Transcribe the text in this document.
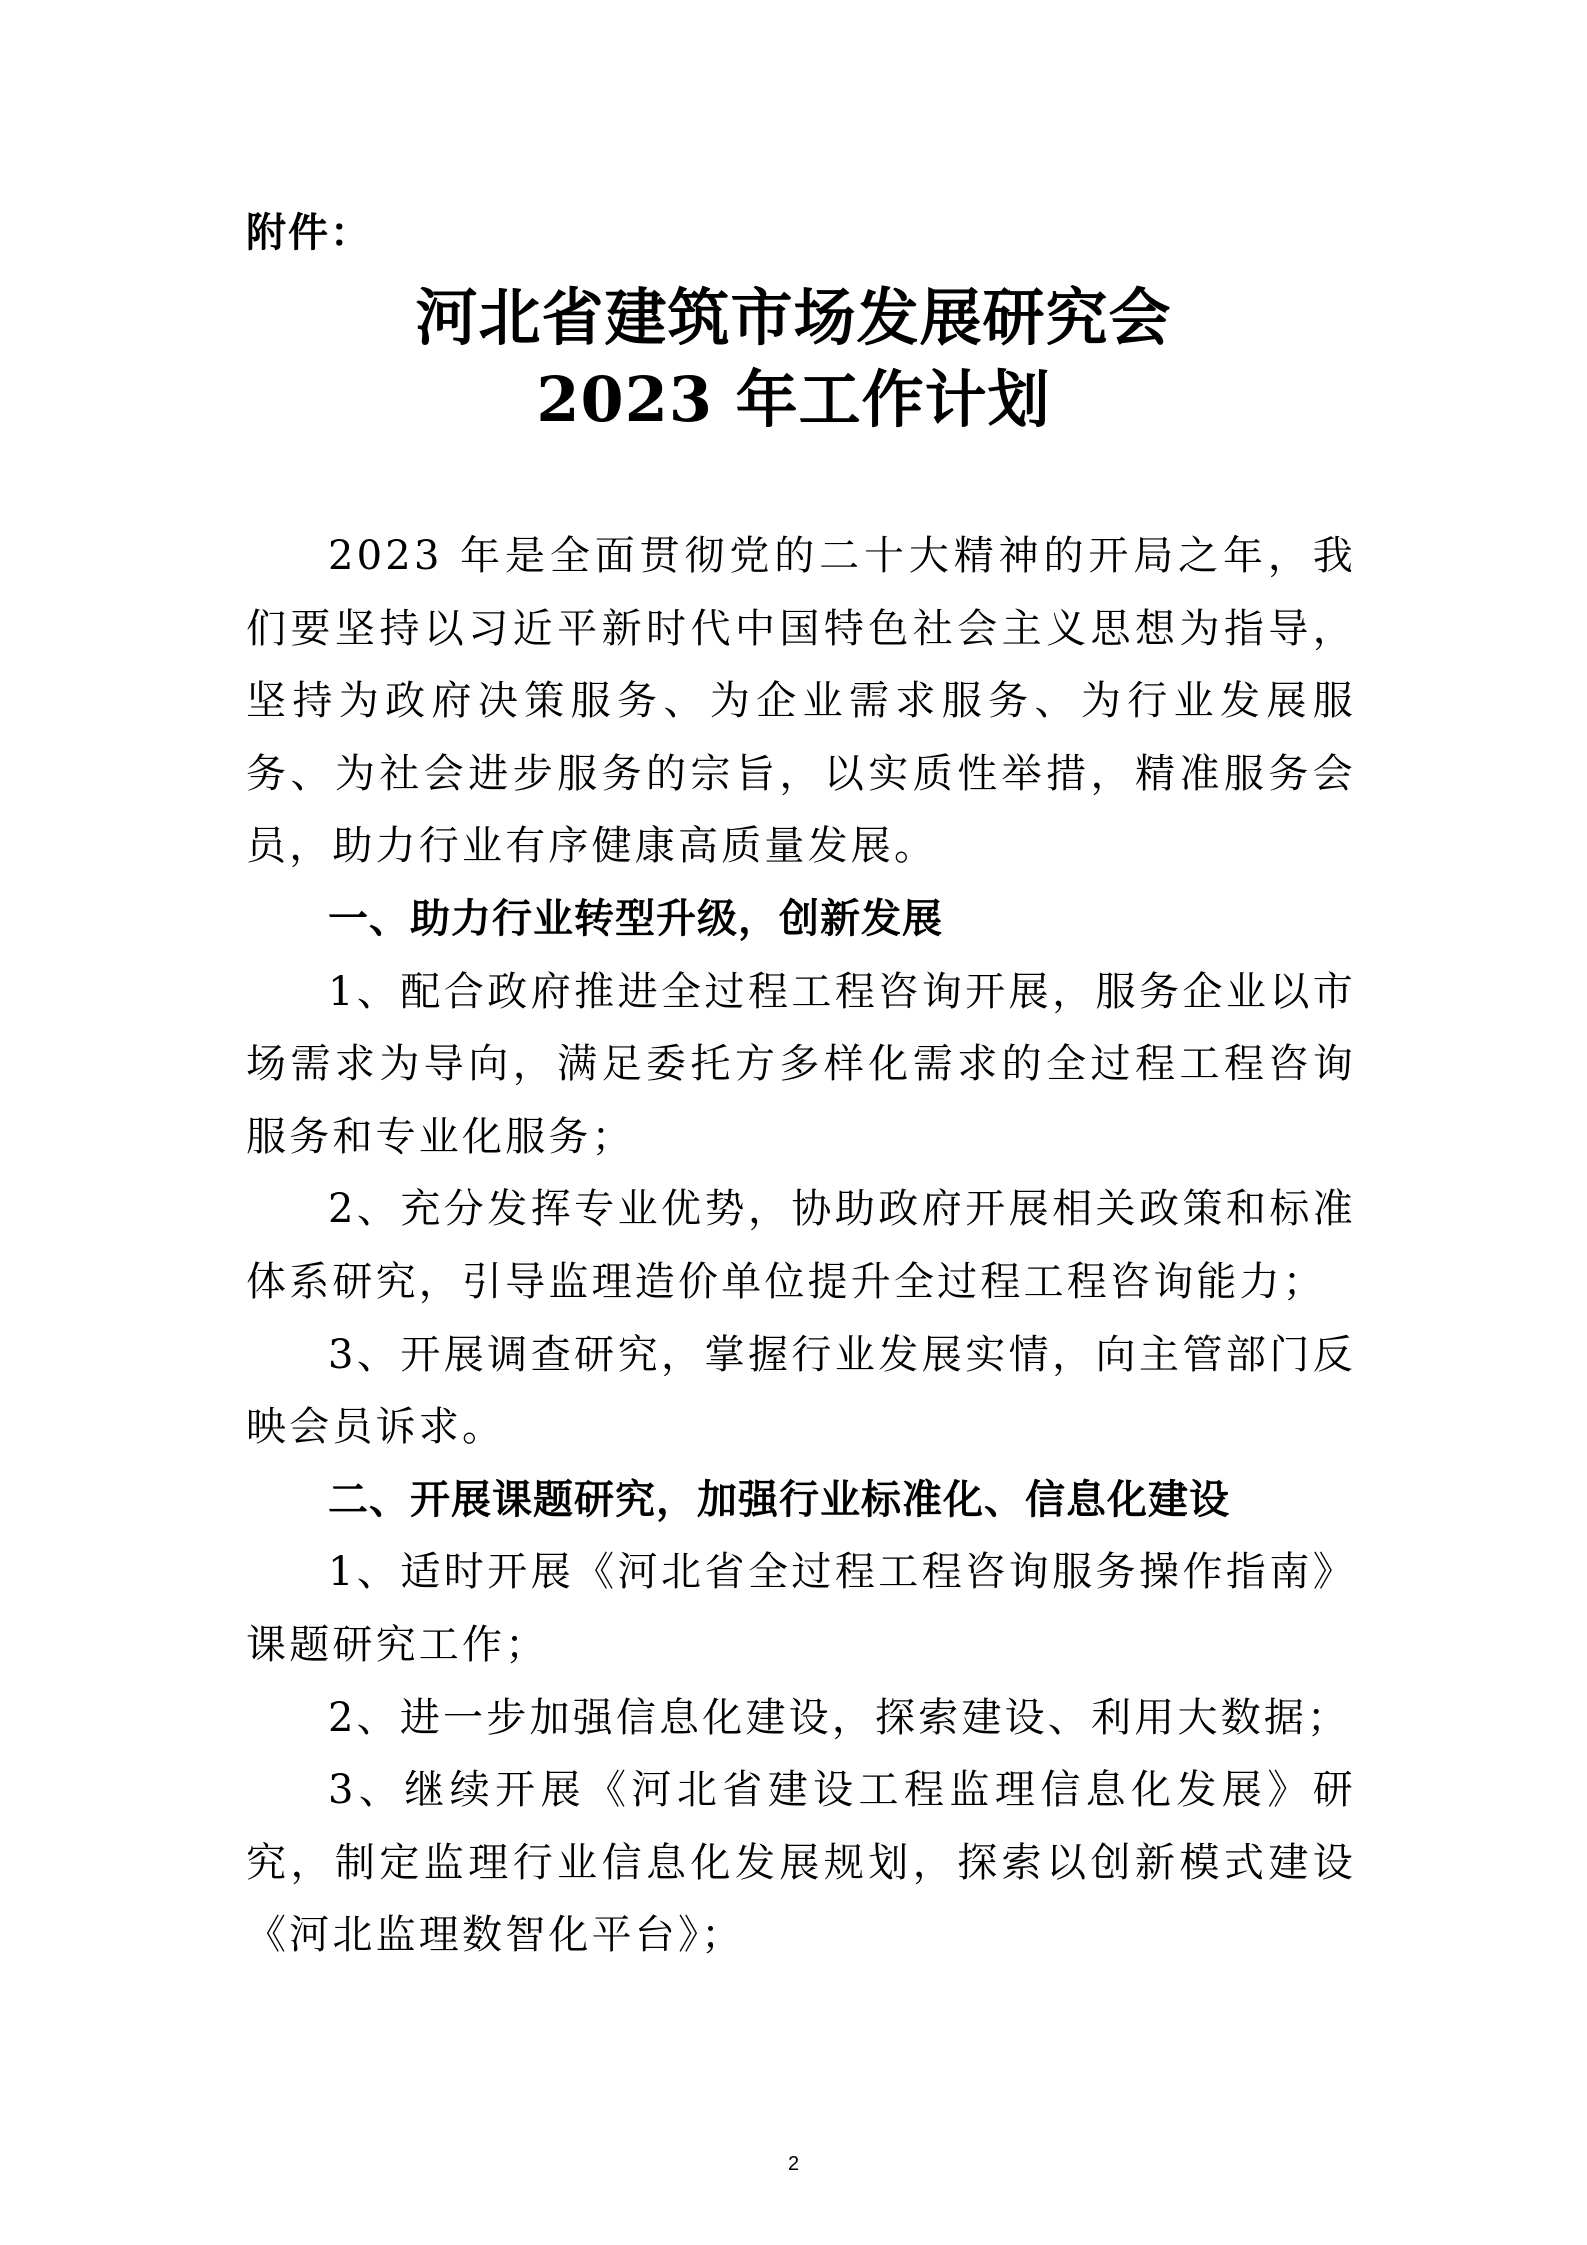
附件：
河北省建筑市场发展研究会
2023 年工作计划

2023 年是全面贯彻党的二十大精神的开局之年，我们要坚持以习近平新时代中国特色社会主义思想为指导，坚持为政府决策服务、为企业需求服务、为行业发展服务、为社会进步服务的宗旨，以实质性举措，精准服务会员，助力行业有序健康高质量发展。

一、助力行业转型升级，创新发展

1、配合政府推进全过程工程咨询开展，服务企业以市场需求为导向，满足委托方多样化需求的全过程工程咨询服务和专业化服务；

2、充分发挥专业优势，协助政府开展相关政策和标准体系研究，引导监理造价单位提升全过程工程咨询能力；

3、开展调查研究，掌握行业发展实情，向主管部门反映会员诉求。

二、开展课题研究，加强行业标准化、信息化建设

1、适时开展《河北省全过程工程咨询服务操作指南》课题研究工作；

2、进一步加强信息化建设，探索建设、利用大数据；

3、继续开展《河北省建设工程监理信息化发展》研究，制定监理行业信息化发展规划，探索以创新模式建设《河北监理数智化平台》；

2
